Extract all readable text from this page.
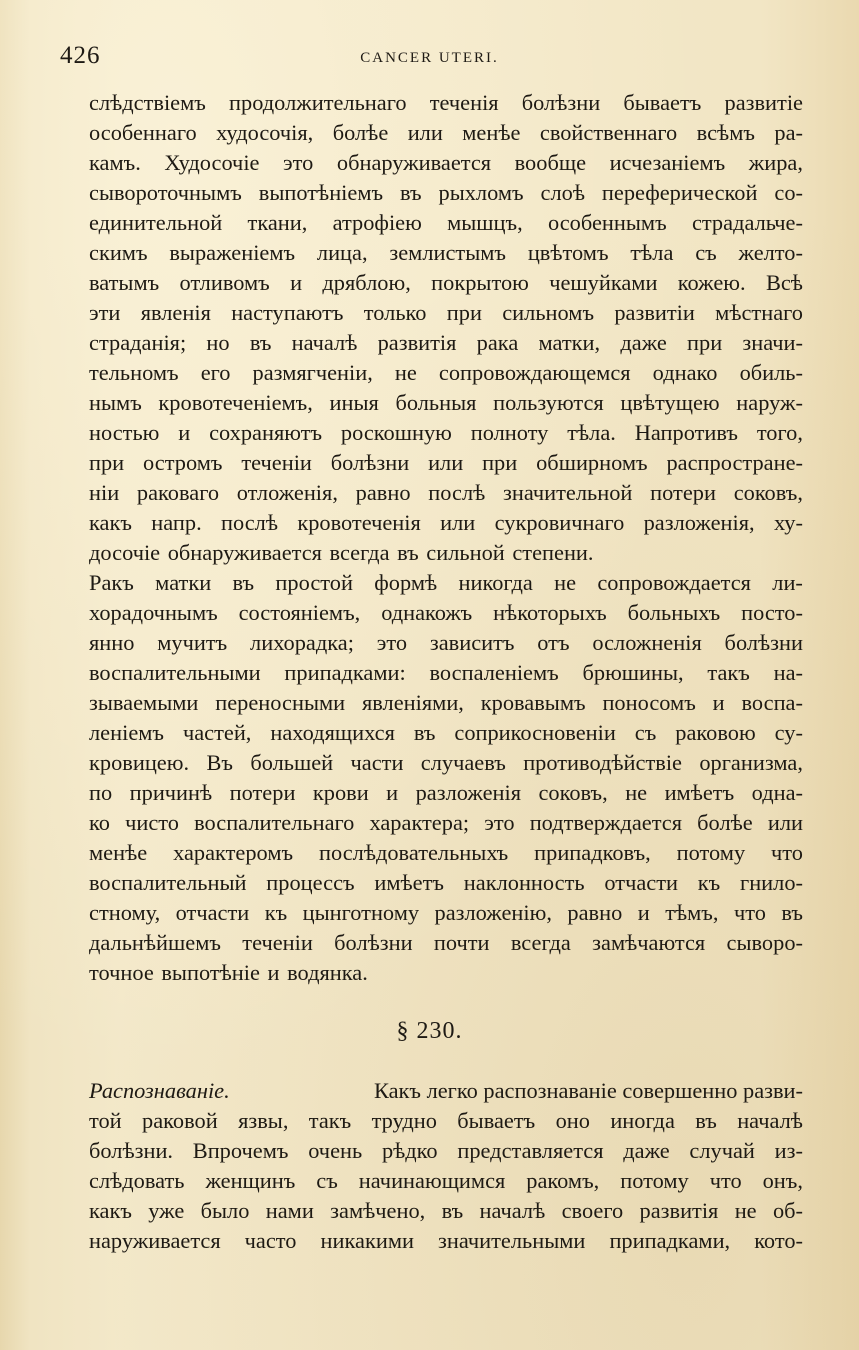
426	CANCER UTERI.
слѣдствіемъ продолжительнаго теченія болѣзни бываетъ развитіе
особеннаго худосочія, болѣе или менѣе свойственнаго всѣмъ ра-
камъ. Худосочіе это обнаруживается вообще исчезаніемъ жира,
сывороточнымъ выпотѣніемъ въ рыхломъ слоѣ переферической со-
единительной ткани, атрофіею мышцъ, особеннымъ страдальче-
скимъ выраженіемъ лица, землистымъ цвѣтомъ тѣла съ желто-
ватымъ отливомъ и дряблою, покрытою чешуйками кожею. Всѣ
эти явленія наступаютъ только при сильномъ развитіи мѣстнаго
страданія; но въ началѣ развитія рака матки, даже при значи-
тельномъ его размягченіи, не сопровождающемся однако обиль-
нымъ кровотеченіемъ, иныя больныя пользуются цвѣтущею наруж-
ностью и сохраняютъ роскошную полноту тѣла. Напротивъ того,
при остромъ теченіи болѣзни или при обширномъ распростране-
ніи раковаго отложенія, равно послѣ значительной потери соковъ,
какъ напр. послѣ кровотеченія или сукровичнаго разложенія, ху-
досочіе обнаруживается всегда въ сильной степени.
Ракъ матки въ простой формѣ никогда не сопровождается ли-
хорадочнымъ состояніемъ, однакожъ нѣкоторыхъ больныхъ посто-
янно мучитъ лихорадка; это зависитъ отъ осложненія болѣзни
воспалительными припадками: воспаленіемъ брюшины, такъ на-
зываемыми переносными явленіями, кровавымъ поносомъ и воспа-
леніемъ частей, находящихся въ соприкосновеніи съ раковою су-
кровицею. Въ большей части случаевъ противодѣйствіе организма,
по причинѣ потери крови и разложенія соковъ, не имѣетъ одна-
ко чисто воспалительнаго характера; это подтверждается болѣе или
менѣе характеромъ послѣдовательныхъ припадковъ, потому что
воспалительный процессъ имѣетъ наклонность отчасти къ гнило-
стному, отчасти къ цынготному разложенію, равно и тѣмъ, что въ
дальнѣйшемъ теченіи болѣзни почти всегда замѣчаются сыворо-
точное выпотѣніе и водянка.
§ 230.
Распознаваніе.	Какъ легко распознаваніе совершенно разви-
той раковой язвы, такъ трудно бываетъ оно иногда въ началѣ
болѣзни. Впрочемъ очень рѣдко представляется даже случай из-
слѣдовать женщинъ съ начинающимся ракомъ, потому что онъ,
какъ уже было нами замѣчено, въ началѣ своего развитія не об-
наруживается часто никакими значительными припадками, кото-
